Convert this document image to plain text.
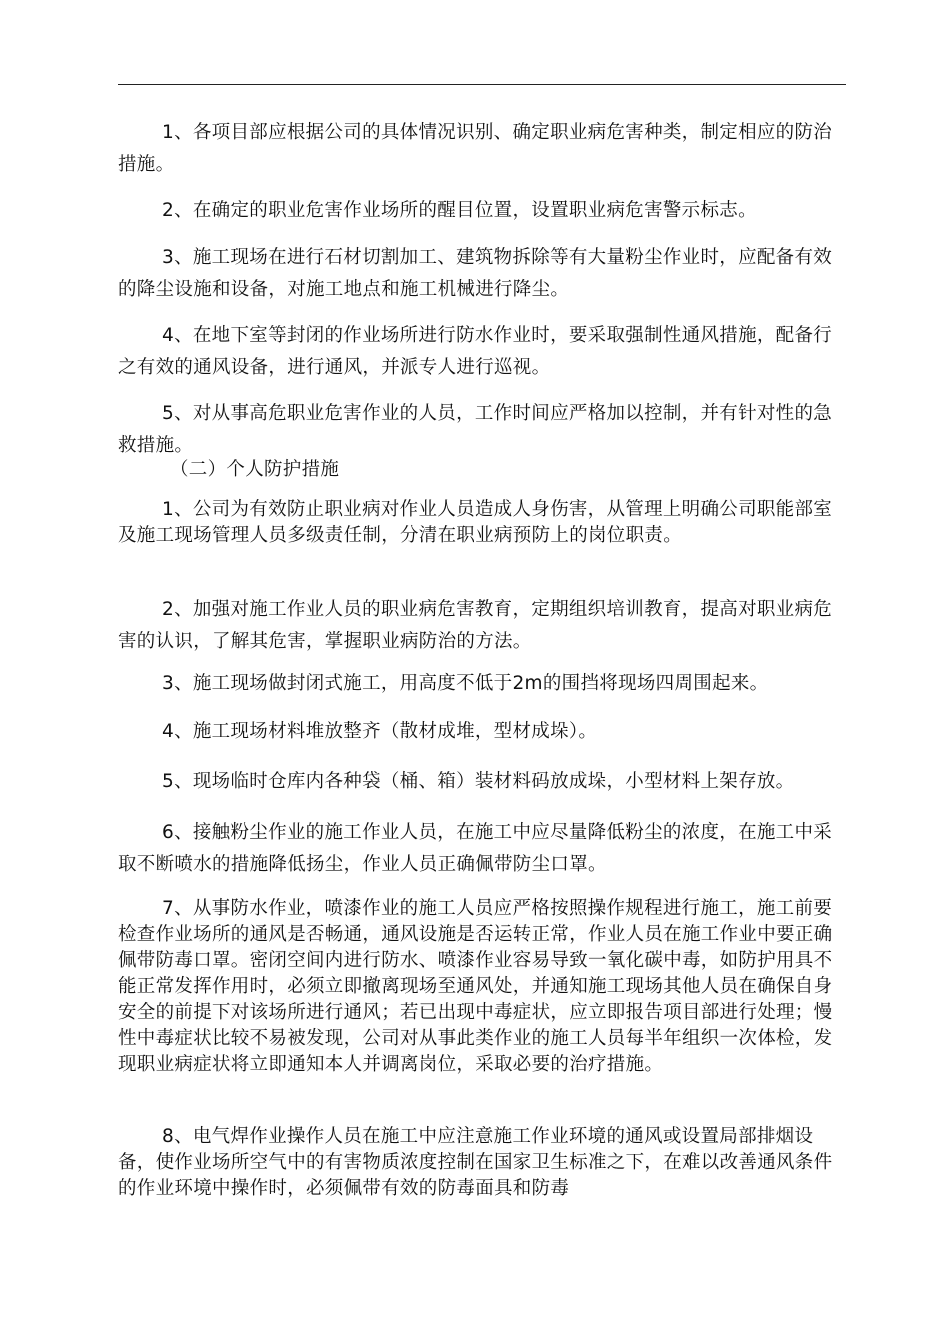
1、各项目部应根据公司的具体情况识别、确定职业病危害种类，制定相应的防治措施。

2、在确定的职业危害作业场所的醒目位置，设置职业病危害警示标志。

3、施工现场在进行石材切割加工、建筑物拆除等有大量粉尘作业时，应配备有效的降尘设施和设备，对施工地点和施工机械进行降尘。

4、在地下室等封闭的作业场所进行防水作业时，要采取强制性通风措施，配备行之有效的通风设备，进行通风，并派专人进行巡视。

5、对从事高危职业危害作业的人员，工作时间应严格加以控制，并有针对性的急救措施。

（二）个人防护措施

1、公司为有效防止职业病对作业人员造成人身伤害，从管理上明确公司职能部室及施工现场管理人员多级责任制，分清在职业病预防上的岗位职责。

2、加强对施工作业人员的职业病危害教育，定期组织培训教育，提高对职业病危害的认识，了解其危害，掌握职业病防治的方法。

3、施工现场做封闭式施工，用高度不低于2m的围挡将现场四周围起来。

4、施工现场材料堆放整齐（散材成堆，型材成垛）。

5、现场临时仓库内各种袋（桶、箱）装材料码放成垛，小型材料上架存放。

6、接触粉尘作业的施工作业人员，在施工中应尽量降低粉尘的浓度，在施工中采取不断喷水的措施降低扬尘，作业人员正确佩带防尘口罩。

7、从事防水作业，喷漆作业的施工人员应严格按照操作规程进行施工，施工前要检查作业场所的通风是否畅通，通风设施是否运转正常，作业人员在施工作业中要正确佩带防毒口罩。密闭空间内进行防水、喷漆作业容易导致一氧化碳中毒，如防护用具不能正常发挥作用时，必须立即撤离现场至通风处，并通知施工现场其他人员在确保自身安全的前提下对该场所进行通风；若已出现中毒症状，应立即报告项目部进行处理；慢性中毒症状比较不易被发现，公司对从事此类作业的施工人员每半年组织一次体检，发现职业病症状将立即通知本人并调离岗位，采取必要的治疗措施。

8、电气焊作业操作人员在施工中应注意施工作业环境的通风或设置局部排烟设备，使作业场所空气中的有害物质浓度控制在国家卫生标准之下，在难以改善通风条件的作业环境中操作时，必须佩带有效的防毒面具和防毒
